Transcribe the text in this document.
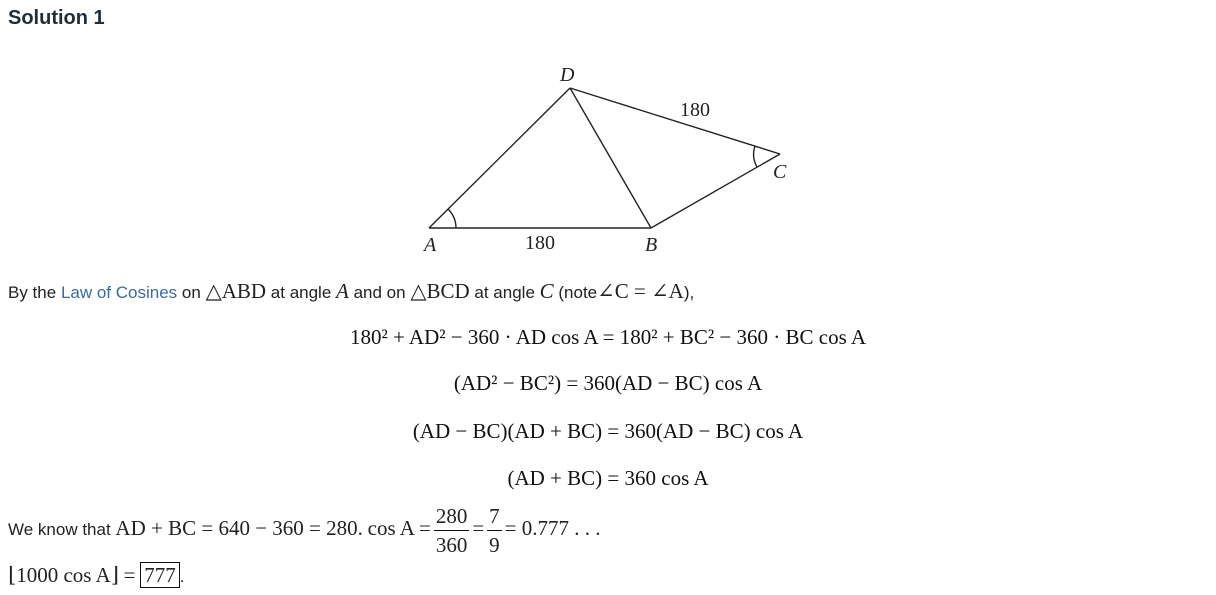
Solution 1
D
C
A	B
180
180
By the Law of Cosines on △ABD at angle A and on △BCD at angle C (note∠C = ∠A),
180² + AD² − 360 · AD cos A = 180² + BC² − 360 · BC cos A
(AD² − BC²) = 360(AD − BC) cos A
(AD − BC)(AD + BC) = 360(AD − BC) cos A
(AD + BC) = 360 cos A
We know that AD + BC = 640 − 360 = 280. $\cos A = \frac{280}{360} = \frac{7}{9} = 0.777$ . . .
⌊1000 cos A⌋ = 777 .
